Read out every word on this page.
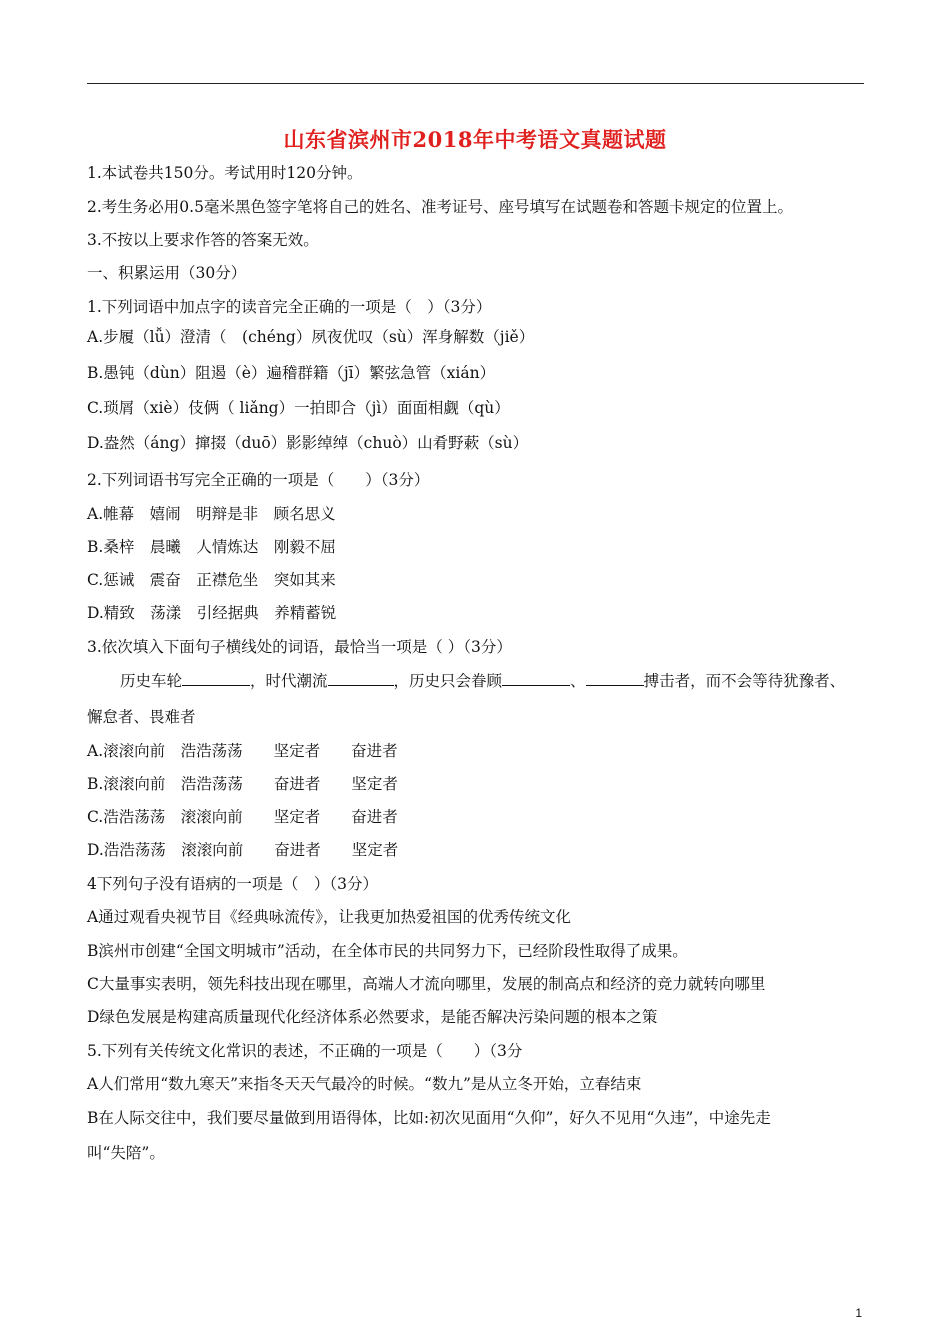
山东省滨州市2018年中考语文真题试题
1.本试卷共150分。考试用时120分钟。
2.考生务必用0.5毫米黑色签字笔将自己的姓名、准考证号、座号填写在试题卷和答题卡规定的位置上。
3.不按以上要求作答的答案无效。
一、积累运用（30分）
1.下列词语中加点字的读音完全正确的一项是（　）（3分）
A.步履（lǚ）澄清（　(chéng）夙夜优叹（sù）浑身解数（jiě）
B.愚钝（dùn）阻遏（è）遍稽群籍（jī）繁弦急管（xián）
C.琐屑（xiè）伎俩（ liǎng）一拍即合（jì）面面相觑（qù）
D.盎然（áng）撺掇（duō）影影绰绰（chuò）山肴野蔌（sù）
2.下列词语书写完全正确的一项是（　　）（3分）
A.帷幕　嬉闹　明辩是非　顾名思义
B.桑梓　晨曦　人情炼达　刚毅不屈
C.惩诫　震奋　正襟危坐　突如其来
D.精致　荡漾　引经据典　养精蓄锐
3.依次填入下面句子横线处的词语，最恰当一项是（ ）（3分）
历史车轮	，时代潮流	，历史只会眷顾	、	搏击者，而不会等待犹豫者、
懈怠者、畏难者
A.滚滚向前　浩浩荡荡　　坚定者　　奋进者
B.滚滚向前　浩浩荡荡　　奋进者　　坚定者
C.浩浩荡荡　滚滚向前　　坚定者　　奋进者
D.浩浩荡荡　滚滚向前　　奋进者　　坚定者
4下列句子没有语病的一项是（　）（3分）
A通过观看央视节目《经典咏流传》，让我更加热爱祖国的优秀传统文化
B滨州市创建“全国文明城市”活动，在全体市民的共同努力下，已经阶段性取得了成果。
C大量事实表明，领先科技出现在哪里，高端人才流向哪里，发展的制高点和经济的竞力就转向哪里
D绿色发展是构建高质量现代化经济体系必然要求，是能否解决污染问题的根本之策
5.下列有关传统文化常识的表述，不正确的一项是（　　）（3分
A人们常用“数九寒天”来指冬天天气最冷的时候。“数九”是从立冬开始，立春结束
B在人际交往中，我们要尽量做到用语得体，比如:初次见面用“久仰”，好久不见用“久违”，中途先走
叫“失陪”。
1
